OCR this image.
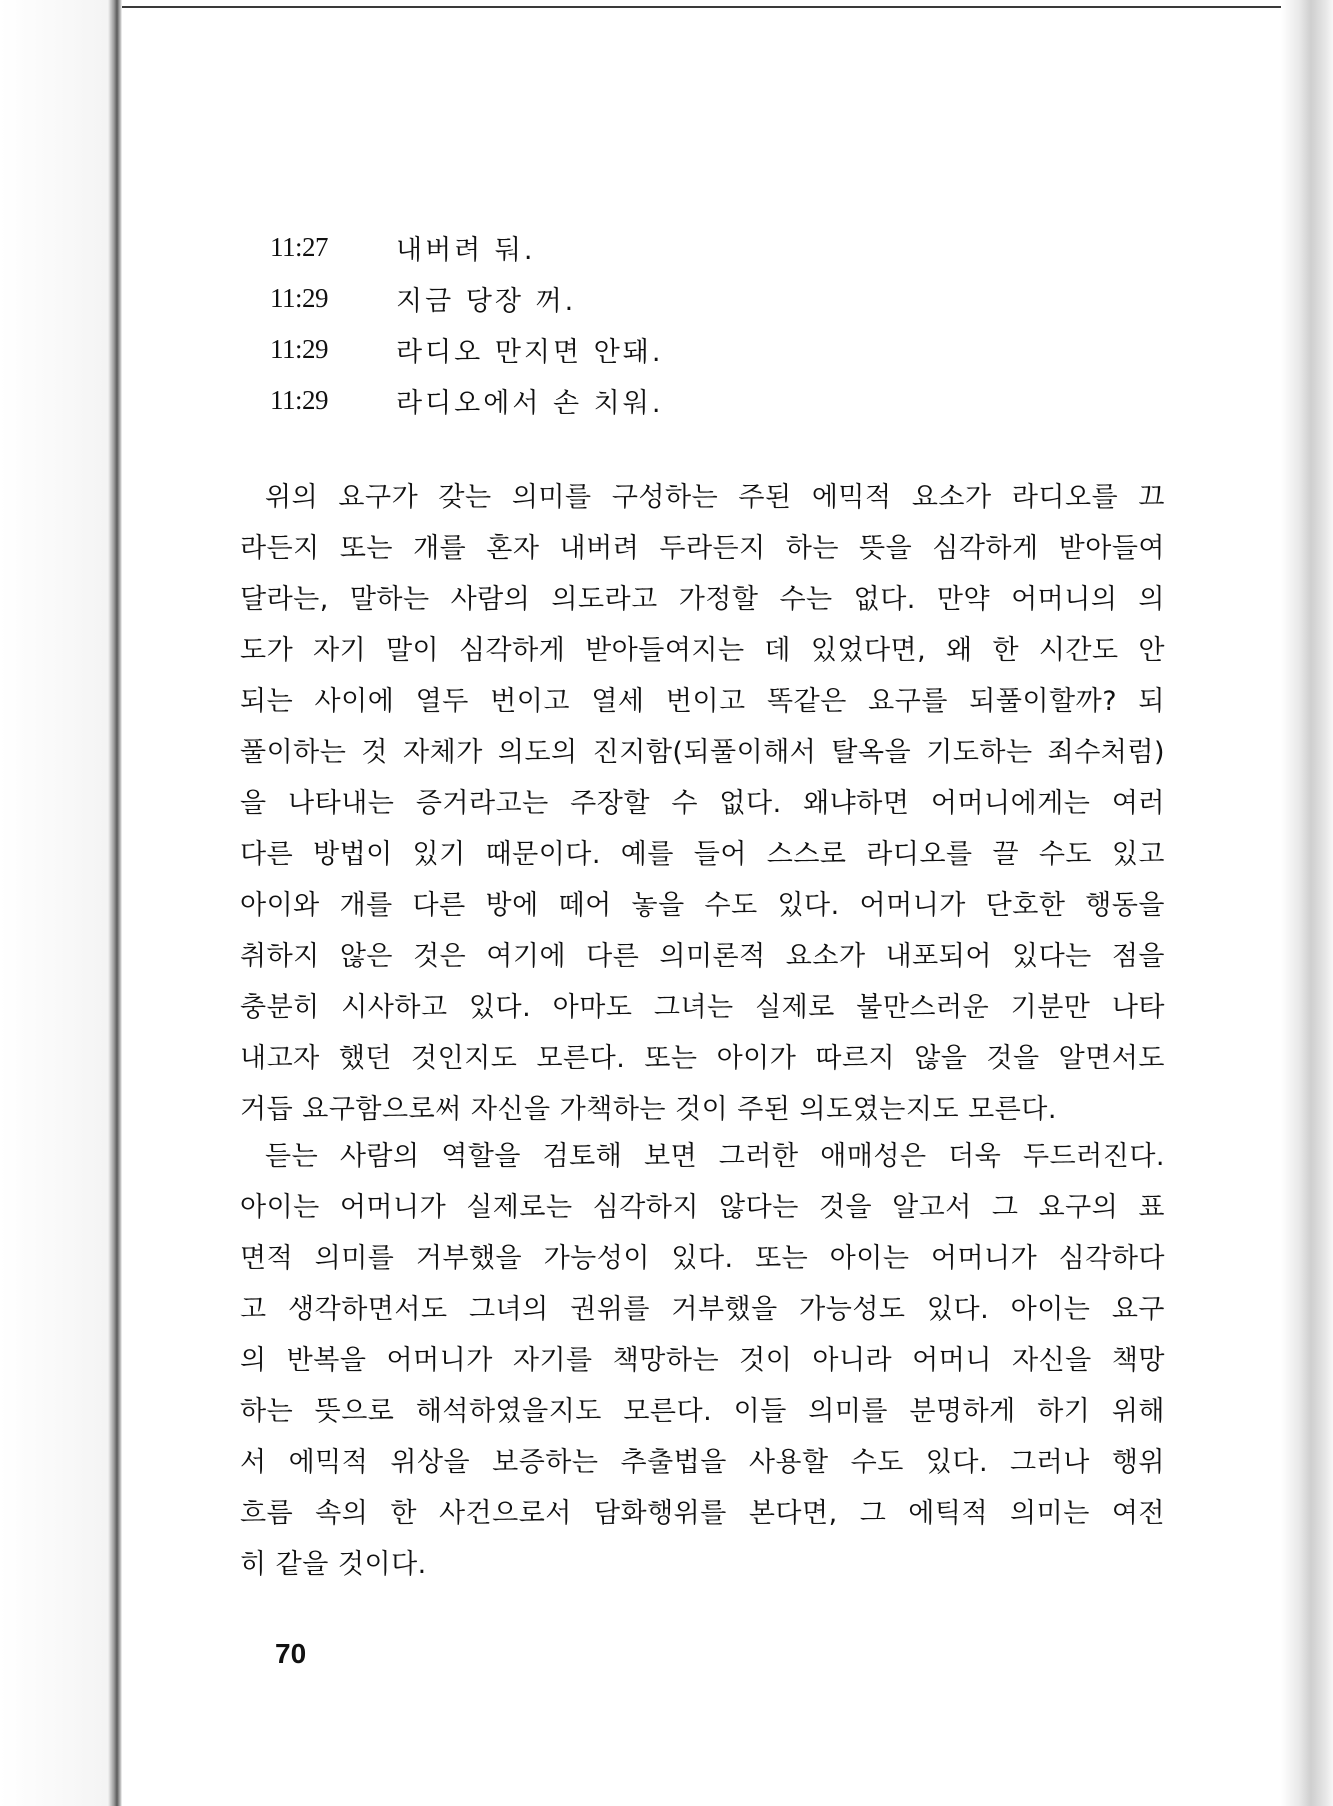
11:27	내버려 둬.
11:29	지금 당장 꺼.
11:29	라디오 만지면 안돼.
11:29	라디오에서 손 치워.
위의 요구가 갖는 의미를 구성하는 주된 에믹적 요소가 라디오를 끄
라든지 또는 개를 혼자 내버려 두라든지 하는 뜻을 심각하게 받아들여
달라는, 말하는 사람의 의도라고 가정할 수는 없다. 만약 어머니의 의
도가 자기 말이 심각하게 받아들여지는 데 있었다면, 왜 한 시간도 안
되는 사이에 열두 번이고 열세 번이고 똑같은 요구를 되풀이할까? 되
풀이하는 것 자체가 의도의 진지함(되풀이해서 탈옥을 기도하는 죄수처럼)
을 나타내는 증거라고는 주장할 수 없다. 왜냐하면 어머니에게는 여러
다른 방법이 있기 때문이다. 예를 들어 스스로 라디오를 끌 수도 있고
아이와 개를 다른 방에 떼어 놓을 수도 있다. 어머니가 단호한 행동을
취하지 않은 것은 여기에 다른 의미론적 요소가 내포되어 있다는 점을
충분히 시사하고 있다. 아마도 그녀는 실제로 불만스러운 기분만 나타
내고자 했던 것인지도 모른다. 또는 아이가 따르지 않을 것을 알면서도
거듭 요구함으로써 자신을 가책하는 것이 주된 의도였는지도 모른다.
듣는 사람의 역할을 검토해 보면 그러한 애매성은 더욱 두드러진다.
아이는 어머니가 실제로는 심각하지 않다는 것을 알고서 그 요구의 표
면적 의미를 거부했을 가능성이 있다. 또는 아이는 어머니가 심각하다
고 생각하면서도 그녀의 권위를 거부했을 가능성도 있다. 아이는 요구
의 반복을 어머니가 자기를 책망하는 것이 아니라 어머니 자신을 책망
하는 뜻으로 해석하였을지도 모른다. 이들 의미를 분명하게 하기 위해
서 에믹적 위상을 보증하는 추출법을 사용할 수도 있다. 그러나 행위
흐름 속의 한 사건으로서 담화행위를 본다면, 그 에틱적 의미는 여전
히 같을 것이다.
70
